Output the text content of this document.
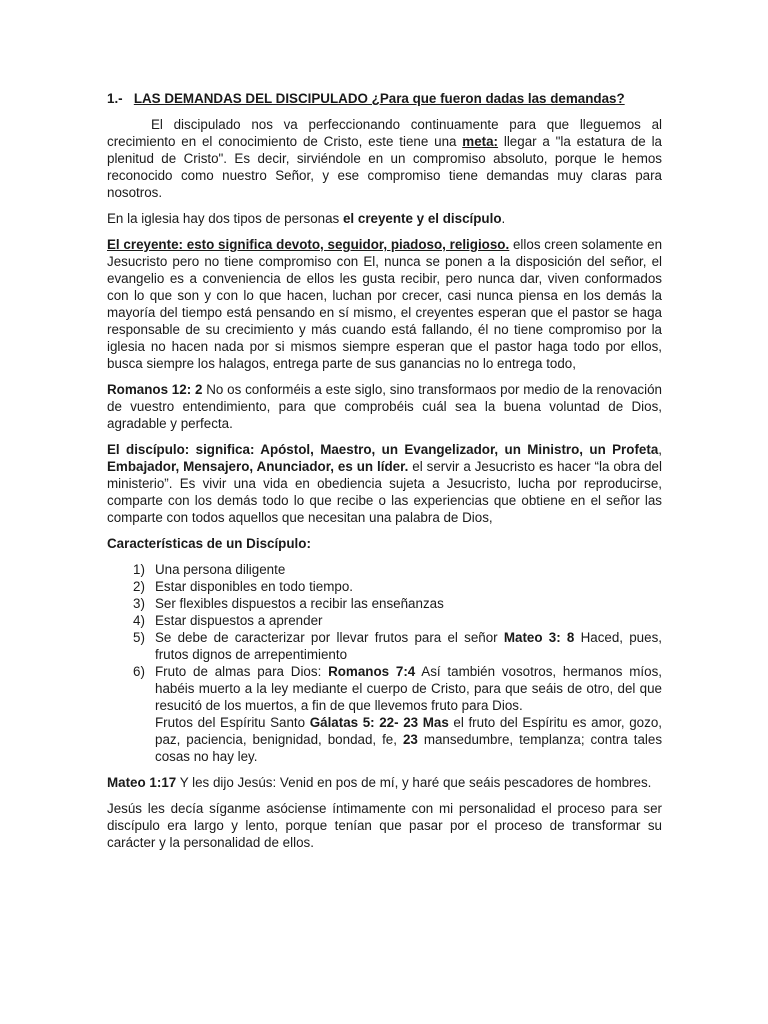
1.- LAS DEMANDAS DEL DISCIPULADO ¿Para que fueron dadas las demandas?

El discipulado nos va perfeccionando continuamente para que lleguemos al crecimiento en el conocimiento de Cristo, este tiene una meta: llegar a "la estatura de la plenitud de Cristo". Es decir, sirviéndole en un compromiso absoluto, porque le hemos reconocido como nuestro Señor, y ese compromiso tiene demandas muy claras para nosotros.

En la iglesia hay dos tipos de personas el creyente y el discípulo.

El creyente: esto significa devoto, seguidor, piadoso, religioso. ellos creen solamente en Jesucristo pero no tiene compromiso con El, nunca se ponen a la disposición del señor, el evangelio es a conveniencia de ellos les gusta recibir, pero nunca dar, viven conformados con lo que son y con lo que hacen, luchan por crecer, casi nunca piensa en los demás la mayoría del tiempo está pensando en sí mismo, el creyentes esperan que el pastor se haga responsable de su crecimiento y más cuando está fallando, él no tiene compromiso por la iglesia no hacen nada por si mismos siempre esperan que el pastor haga todo por ellos, busca siempre los halagos, entrega parte de sus ganancias no lo entrega todo,

Romanos 12: 2 No os conforméis a este siglo, sino transformaos por medio de la renovación de vuestro entendimiento, para que comprobéis cuál sea la buena voluntad de Dios, agradable y perfecta.

El discípulo: significa: Apóstol, Maestro, un Evangelizador, un Ministro, un Profeta, Embajador, Mensajero, Anunciador, es un líder. el servir a Jesucristo es hacer “la obra del ministerio”. Es vivir una vida en obediencia sujeta a Jesucristo, lucha por reproducirse, comparte con los demás todo lo que recibe o las experiencias que obtiene en el señor las comparte con todos aquellos que necesitan una palabra de Dios,

Características de un Discípulo:

1) Una persona diligente
2) Estar disponibles en todo tiempo.
3) Ser flexibles dispuestos a recibir las enseñanzas
4) Estar dispuestos a aprender
5) Se debe de caracterizar por llevar frutos para el señor Mateo 3: 8 Haced, pues, frutos dignos de arrepentimiento
6) Fruto de almas para Dios: Romanos 7:4 Así también vosotros, hermanos míos, habéis muerto a la ley mediante el cuerpo de Cristo, para que seáis de otro, del que resucitó de los muertos, a fin de que llevemos fruto para Dios.
Frutos del Espíritu Santo Gálatas 5: 22- 23 Mas el fruto del Espíritu es amor, gozo, paz, paciencia, benignidad, bondad, fe, 23 mansedumbre, templanza; contra tales cosas no hay ley.

Mateo 1:17 Y les dijo Jesús: Venid en pos de mí, y haré que seáis pescadores de hombres.

Jesús les decía síganme asóciense íntimamente con mi personalidad el proceso para ser discípulo era largo y lento, porque tenían que pasar por el proceso de transformar su carácter y la personalidad de ellos.
